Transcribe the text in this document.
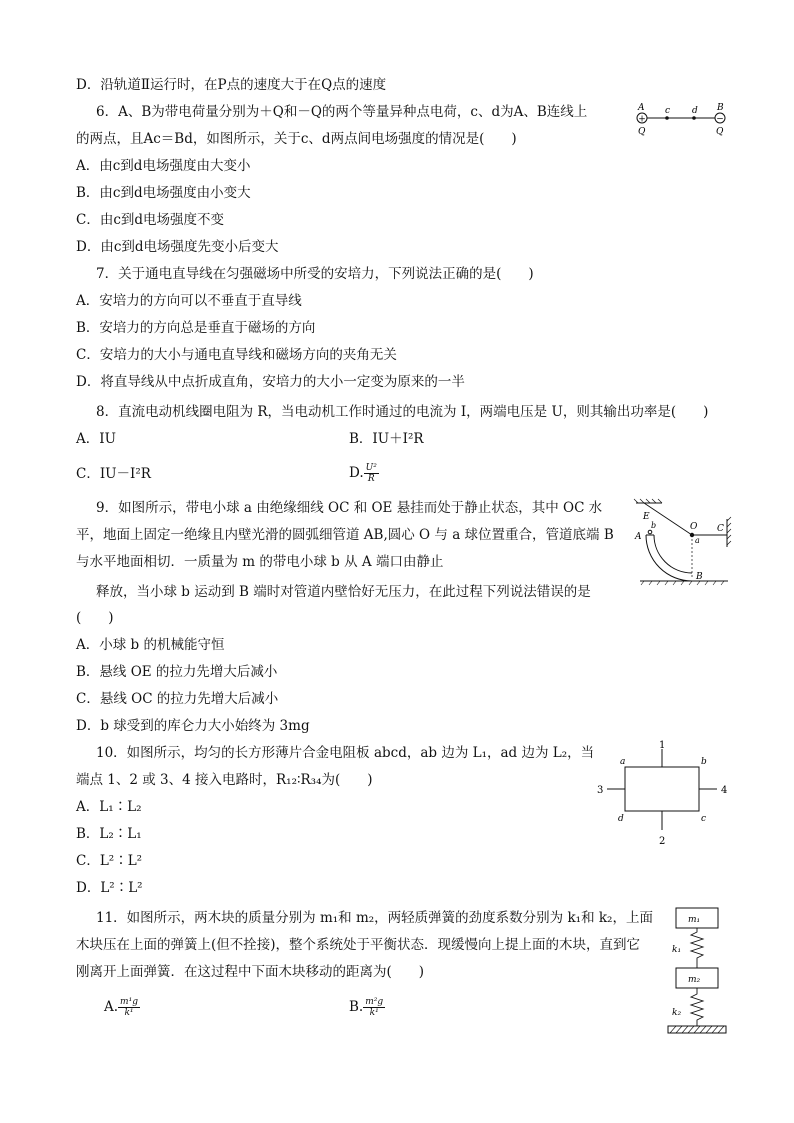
D．沿轨道Ⅱ运行时，在P点的速度大于在Q点的速度
6．A、B为带电荷量分别为＋Q和－Q的两个等量异种点电荷，c、d为A、B连线上
的两点，且Ac＝Bd，如图所示，关于c、d两点间电场强度的情况是(　　)
A．由c到d电场强度由大变小
B．由c到d电场强度由小变大
C．由c到d电场强度不变
D．由c到d电场强度先变小后变大
A
+
c d
−
B
Q	Q
7．关于通电直导线在匀强磁场中所受的安培力，下列说法正确的是(　　)
A．安培力的方向可以不垂直于直导线
B．安培力的方向总是垂直于磁场的方向
C．安培力的大小与通电直导线和磁场方向的夹角无关
D．将直导线从中点折成直角，安培力的大小一定变为原来的一半
8．直流电动机线圈电阻为 R，当电动机工作时通过的电流为 I，两端电压是 U，则其输出功率是(　　)
A．IU	B．IU＋I²R
C．IU－I²R	D. $\frac{\text{U²}}{R}$
9．如图所示，带电小球 a 由绝缘细线 OC 和 OE 悬挂而处于静止状态，其中 OC 水
平，地面上固定一绝缘且内壁光滑的圆弧细管道 AB,圆心 O 与 a 球位置重合，管道底端 B
与水平地面相切．一质量为 m 的带电小球 b 从 A 端口由静止
释放，当小球 b 运动到 B 端时对管道内壁恰好无压力，在此过程下列说法错误的是
(　　)
A．小球 b 的机械能守恒
B．悬线 OE 的拉力先增大后减小
C．悬线 OC 的拉力先增大后减小
D．b 球受到的库仑力大小始终为 3mg
E
O C
a
b
A
B
10．如图所示，均匀的长方形薄片合金电阻板 abcd，ab 边为 L₁，ad 边为 L₂，当
端点 1、2 或 3、4 接入电路时，R₁₂∶R₃₄为(　　)
A．L₁∶L₂
B．L₂∶L₁
C．L²∶L²
D．L²∶L²
1
2
3	4
a	b
c
d
11．如图所示，两木块的质量分别为 m₁和 m₂，两轻质弹簧的劲度系数分别为 k₁和 k₂，上面
木块压在上面的弹簧上(但不拴接)，整个系统处于平衡状态．现缓慢向上提上面的木块，直到它
刚离开上面弹簧．在这过程中下面木块移动的距离为(　　)
A. $\frac{\text{m¹g}}{\text{k¹}}$	B. $\frac{\text{m²g}}{\text{k¹}}$
m₁
k₁
m₂
k₂
